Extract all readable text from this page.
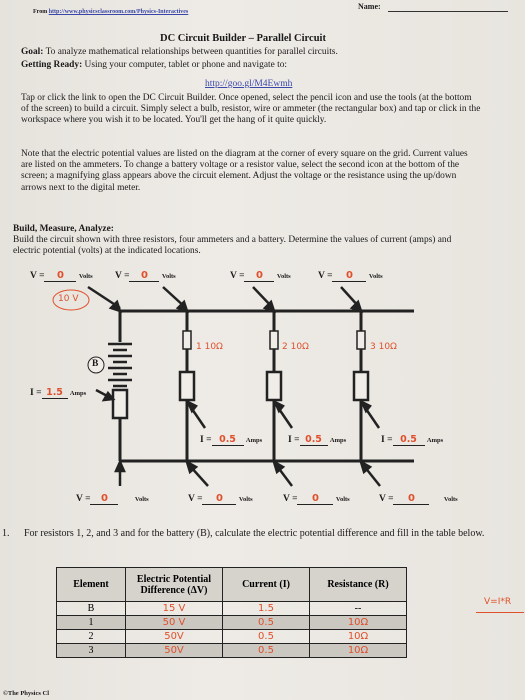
From http://www.physicsclassroom.com/Physics-Interactives
Name:
DC Circuit Builder – Parallel Circuit

Goal: To analyze mathematical relationships between quantities for parallel circuits.

Getting Ready: Using your computer, tablet or phone and navigate to:

http://goo.gl/M4Ewmh

Tap or click the link to open the DC Circuit Builder. Once opened, select the pencil icon and use the tools (at the bottom of the screen) to build a circuit. Simply select a bulb, resistor, wire or ammeter (the rectangular box) and tap or click in the workspace where you wish it to be located. You'll get the hang of it quite quickly.

Note that the electric potential values are listed on the diagram at the corner of every square on the grid. Current values are listed on the ammeters. To change a battery voltage or a resistor value, select the second icon at the bottom of the screen; a magnifying glass appears above the circuit element. Adjust the voltage or the resistance using the up/down arrows next to the digital meter.

Build, Measure, Analyze:
Build the circuit shown with three resistors, four ammeters and a battery. Determine the values of current (amps) and electric potential (volts) at the indicated locations.

V = 0 Volts V = 0 Volts	V = 0 Volts	V = 0 Volts
10 V
B
1 10Ω	2 10Ω	3 10Ω
I = 1.5 Amps
I = 0.5 Amps	I = 0.5 Amps	I = 0.5 Amps
V = 0	Volts	V = 0 Volts	V = 0	Volts	V = 0	Volts
1. For resistors 1, 2, and 3 and for the battery (B), calculate the electric potential difference and fill in the table below.

Element	Electric Potential Difference (ΔV)	Current (I)	Resistance (R)
B	15 V	1.5	--
1	50 V	0.5	10Ω
2	50V	0.5	10Ω
3	50V	0.5	10Ω
V=I*R
©The Physics Cl
